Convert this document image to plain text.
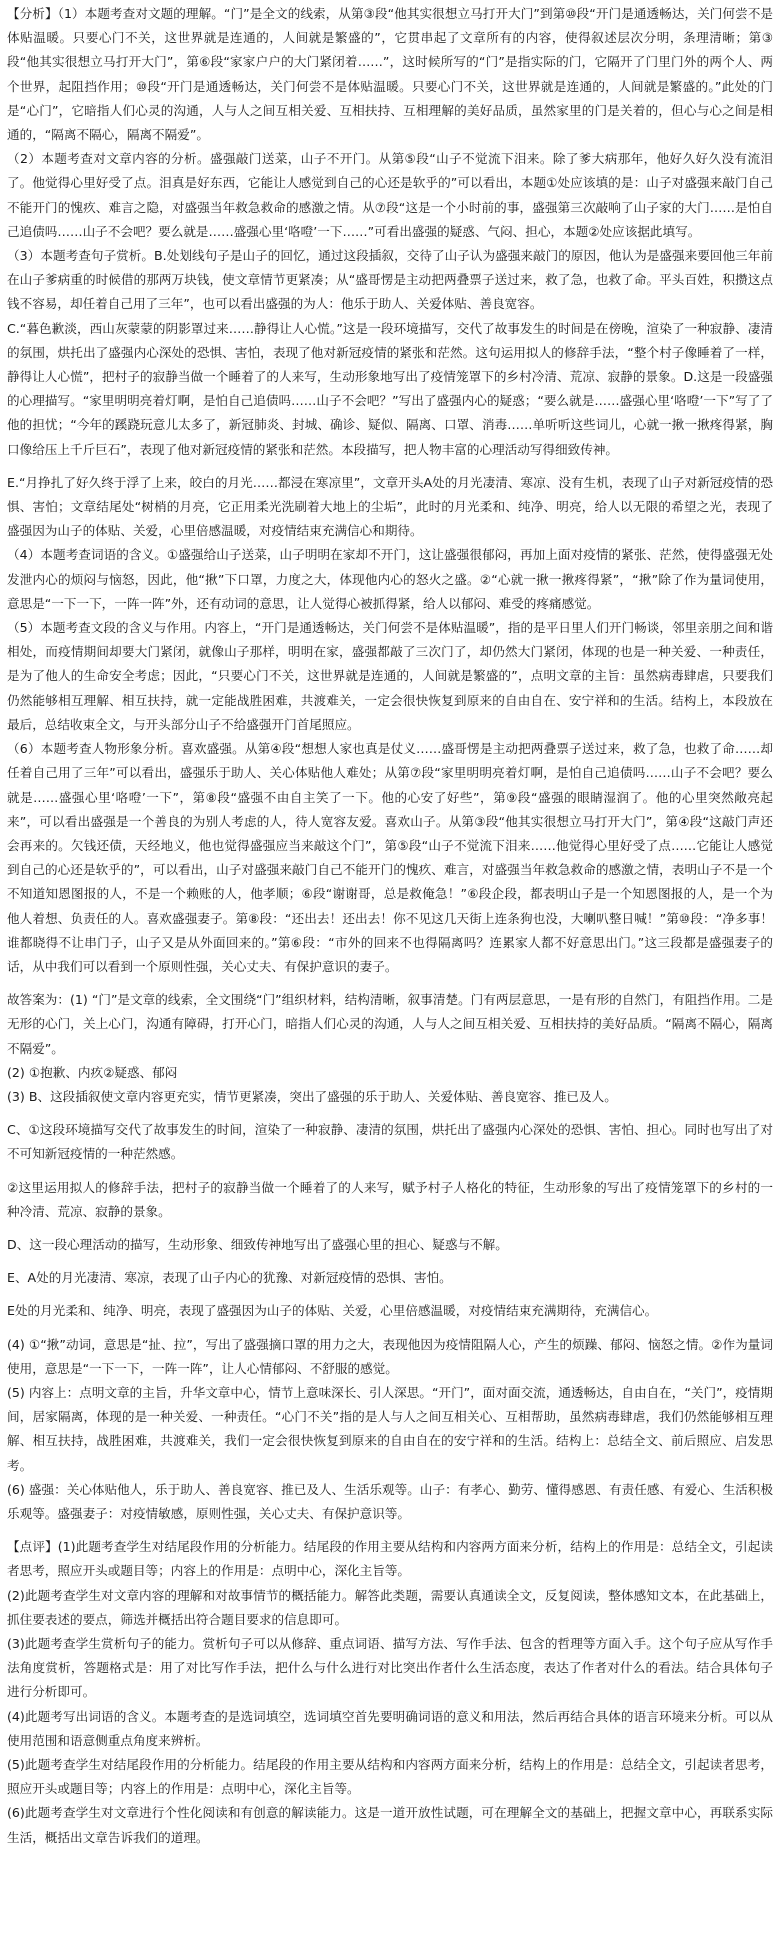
【分析】（1）本题考查对文题的理解。“门”是全文的线索，从第③段“他其实很想立马打开大门”到第⑩段“开门是通透畅达，关门何尝不是体贴温暖。只要心门不关，这世界就是连通的，人间就是繁盛的”，它贯串起了文章所有的内容，使得叙述层次分明，条理清晰；第③段“他其实很想立马打开大门”，第⑥段“家家户户的大门紧闭着……”，这时候所写的“门”是指实际的门，它隔开了门里门外的两个人、两个世界，起阻挡作用；⑩段“开门是通透畅达，关门何尝不是体贴温暖。只要心门不关，这世界就是连通的，人间就是繁盛的。”此处的门是“心门”，它暗指人们心灵的沟通，人与人之间互相关爱、互相扶持、互相理解的美好品质，虽然家里的门是关着的，但心与心之间是相通的，“隔离不隔心，隔离不隔爱”。

（2）本题考查对文章内容的分析。盛强敲门送菜，山子不开门。从第⑤段“山子不觉流下泪来。除了爹大病那年，他好久好久没有流泪了。他觉得心里好受了点。泪真是好东西，它能让人感觉到自己的心还是软乎的”可以看出，本题①处应该填的是：山子对盛强来敲门自己不能开门的愧疚、难言之隐，对盛强当年救急救命的感激之情。从⑦段“这是一个小时前的事，盛强第三次敲响了山子家的大门……是怕自己追债吗……山子不会吧？要么就是……盛强心里‘咯噔’一下……”可看出盛强的疑惑、气闷、担心，本题②处应该据此填写。

（3）本题考查句子赏析。B.处划线句子是山子的回忆，通过这段插叙，交待了山子认为盛强来敲门的原因，他认为是盛强来要回他三年前在山子爹病重的时候借的那两万块钱，使文章情节更紧凑；从“盛哥愣是主动把两叠票子送过来，救了急，也救了命。平头百姓，积攒这点钱不容易，却任着自己用了三年”，也可以看出盛强的为人：他乐于助人、关爱体贴、善良宽容。

C.“暮色歉淡，西山灰蒙蒙的阴影罩过来……静得让人心慌。”这是一段环境描写，交代了故事发生的时间是在傍晚，渲染了一种寂静、凄清的氛围，烘托出了盛强内心深处的恐惧、害怕，表现了他对新冠疫情的紧张和茫然。这句运用拟人的修辞手法，“整个村子像睡着了一样，静得让人心慌”，把村子的寂静当做一个睡着了的人来写，生动形象地写出了疫情笼罩下的乡村冷清、荒凉、寂静的景象。D.这是一段盛强的心理描写。“家里明明亮着灯啊，是怕自己追债吗……山子不会吧？”写出了盛强内心的疑惑；“要么就是……盛强心里‘咯噔’一下”写了了他的担忧；“今年的蹊跷玩意儿太多了，新冠肺炎、封城、确诊、疑似、隔离、口罩、消毒……单听听这些词儿，心就一揪一揪疼得紧，胸口像给压上千斤巨石”，表现了他对新冠疫情的紧张和茫然。本段描写，把人物丰富的心理活动写得细致传神。

E.“月挣扎了好久终于浮了上来，皎白的月光……都浸在寒凉里”，文章开头A处的月光凄清、寒凉、没有生机，表现了山子对新冠疫情的恐惧、害怕；文章结尾处“树梢的月亮，它正用柔光洗刷着大地上的尘垢”，此时的月光柔和、纯净、明亮，给人以无限的希望之光，表现了盛强因为山子的体贴、关爱，心里倍感温暖，对疫情结束充满信心和期待。

（4）本题考查词语的含义。①盛强给山子送菜，山子明明在家却不开门，这让盛强很郁闷，再加上面对疫情的紧张、茫然，使得盛强无处发泄内心的烦闷与恼怒，因此，他“揪”下口罩，力度之大，体现他内心的怒火之盛。②“心就一揪一揪疼得紧”，“揪”除了作为量词使用，意思是“一下一下，一阵一阵”外，还有动词的意思，让人觉得心被抓得紧，给人以郁闷、难受的疼痛感觉。

（5）本题考查文段的含义与作用。内容上，“开门是通透畅达，关门何尝不是体贴温暖”，指的是平日里人们开门畅谈，邻里亲朋之间和谐相处，而疫情期间却要大门紧闭，就像山子那样，明明在家，盛强都敲了三次门了，却仍然大门紧闭，体现的也是一种关爱、一种责任，是为了他人的生命安全考虑；因此，“只要心门不关，这世界就是连通的，人间就是繁盛的”，点明文章的主旨：虽然病毒肆虐，只要我们仍然能够相互理解、相互扶持，就一定能战胜困难，共渡难关，一定会很快恢复到原来的自由自在、安宁祥和的生活。结构上，本段放在最后，总结收束全文，与开头部分山子不给盛强开门首尾照应。

（6）本题考查人物形象分析。喜欢盛强。从第④段“想想人家也真是仗义……盛哥愣是主动把两叠票子送过来，救了急，也救了命……却任着自己用了三年”可以看出，盛强乐于助人、关心体贴他人难处；从第⑦段“家里明明亮着灯啊，是怕自己追债吗……山子不会吧？要么就是……盛强心里‘咯噔’一下”，第⑧段“盛强不由自主笑了一下。他的心安了好些”，第⑨段“盛强的眼睛湿润了。他的心里突然敞亮起来”，可以看出盛强是一个善良的为别人考虑的人，待人宽容友爱。喜欢山子。从第③段“他其实很想立马打开大门”，第④段“这敲门声还会再来的。欠钱还债，天经地义，他也觉得盛强应当来敲这个门”，第⑤段“山子不觉流下泪来……他觉得心里好受了点……它能让人感觉到自己的心还是软乎的”，可以看出，山子对盛强来敲门自己不能开门的愧疚、难言，对盛强当年救急救命的感激之情，表明山子不是一个不知道知恩图报的人，不是一个赖账的人，他孝顺；⑥段“谢谢哥，总是救俺急！”⑥段企段，都表明山子是一个知恩图报的人，是一个为他人着想、负责任的人。喜欢盛强妻子。第⑧段：“还出去！还出去！你不见这几天街上连条狗也没，大喇叭整日喊！”第⑩段：“净多事！谁都晓得不让串门子，山子又是从外面回来的。”第⑥段：“市外的回来不也得隔离吗？连累家人都不好意思出门。”这三段都是盛强妻子的话，从中我们可以看到一个原则性强，关心丈夫、有保护意识的妻子。

故答案为：(1) “门”是文章的线索，全文围绕“门”组织材料，结构清晰，叙事清楚。门有两层意思，一是有形的自然门，有阻挡作用。二是无形的心门，关上心门，沟通有障碍，打开心门，暗指人们心灵的沟通，人与人之间互相关爱、互相扶持的美好品质。“隔离不隔心，隔离不隔爱”。

(2) ①抱歉、内疚②疑惑、郁闷

(3) B、这段插叙使文章内容更充实，情节更紧凑，突出了盛强的乐于助人、关爱体贴、善良宽容、推已及人。

C、①这段环境描写交代了故事发生的时间，渲染了一种寂静、凄清的氛围，烘托出了盛强内心深处的恐惧、害怕、担心。同时也写出了对不可知新冠疫情的一种茫然感。

②这里运用拟人的修辞手法，把村子的寂静当做一个睡着了的人来写，赋予村子人格化的特征，生动形象的写出了疫情笼罩下的乡村的一种冷清、荒凉、寂静的景象。

D、这一段心理活动的描写，生动形象、细致传神地写出了盛强心里的担心、疑惑与不解。

E、A处的月光凄清、寒凉，表现了山子内心的犹豫、对新冠疫情的恐惧、害怕。

E处的月光柔和、纯净、明亮，表现了盛强因为山子的体贴、关爱，心里倍感温暖，对疫情结束充满期待，充满信心。

(4) ①“揪”动词，意思是“扯、拉”，写出了盛强摘口罩的用力之大，表现他因为疫情阻隔人心，产生的烦躁、郁闷、恼怒之情。②作为量词使用，意思是“一下一下，一阵一阵”，让人心情郁闷、不舒服的感觉。

(5) 内容上：点明文章的主旨，升华文章中心，情节上意味深长、引人深思。“开门”，面对面交流，通透畅达，自由自在，“关门”，疫情期间，居家隔离，体现的是一种关爱、一种责任。“心门不关”指的是人与人之间互相关心、互相帮助，虽然病毒肆虐，我们仍然能够相互理解、相互扶持，战胜困难，共渡难关，我们一定会很快恢复到原来的自由自在的安宁祥和的生活。结构上：总结全文、前后照应、启发思考。

(6) 盛强：关心体贴他人，乐于助人、善良宽容、推已及人、生活乐观等。山子：有孝心、勤劳、懂得感恩、有责任感、有爱心、生活积极乐观等。盛强妻子：对疫情敏感，原则性强，关心丈夫、有保护意识等。

【点评】(1)此题考查学生对结尾段作用的分析能力。结尾段的作用主要从结构和内容两方面来分析，结构上的作用是：总结全文，引起读者思考，照应开头或题目等；内容上的作用是：点明中心，深化主旨等。

(2)此题考查学生对文章内容的理解和对故事情节的概括能力。解答此类题，需要认真通读全文，反复阅读，整体感知文本，在此基础上，抓住要表述的要点，筛选并概括出符合题目要求的信息即可。

(3)此题考查学生赏析句子的能力。赏析句子可以从修辞、重点词语、描写方法、写作手法、包含的哲理等方面入手。这个句子应从写作手法角度赏析，答题格式是：用了对比写作手法，把什么与什么进行对比突出作者什么生活态度，表达了作者对什么的看法。结合具体句子进行分析即可。

(4)此题考写出词语的含义。本题考查的是选词填空，选词填空首先要明确词语的意义和用法，然后再结合具体的语言环境来分析。可以从使用范围和语意侧重点角度来辨析。

(5)此题考查学生对结尾段作用的分析能力。结尾段的作用主要从结构和内容两方面来分析，结构上的作用是：总结全文，引起读者思考，照应开头或题目等；内容上的作用是：点明中心，深化主旨等。

(6)此题考查学生对文章进行个性化阅读和有创意的解读能力。这是一道开放性试题，可在理解全文的基础上，把握文章中心，再联系实际生活，概括出文章告诉我们的道理。
